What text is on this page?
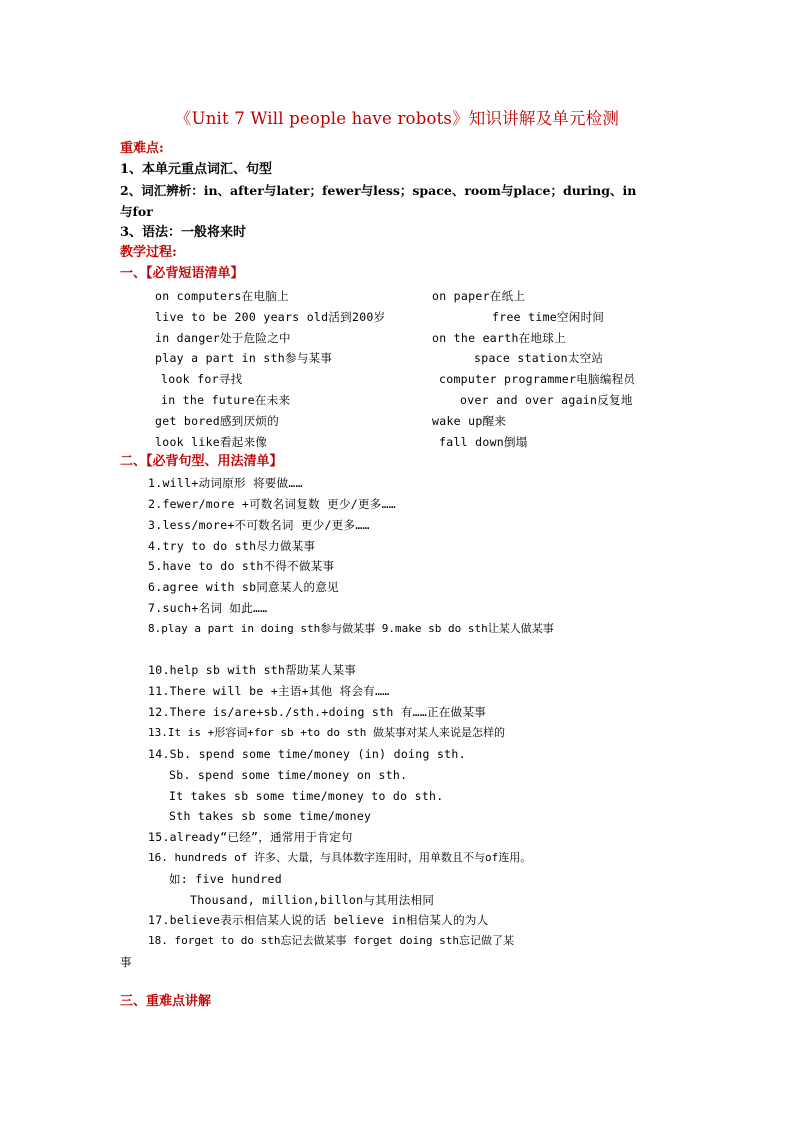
《Unit 7 Will people have robots》知识讲解及单元检测
重难点:
1、本单元重点词汇、句型
2、词汇辨析：in、after与later；fewer与less；space、room与place；during、in
与for
3、语法：一般将来时
教学过程:
一、【必背短语清单】
on computers在电脑上	on paper在纸上
live to be 200 years old活到200岁	free time空闲时间
in danger处于危险之中	on the earth在地球上
play a part in sth参与某事	space station太空站
look for寻找	computer programmer电脑编程员
in the future在未来	over and over again反复地
get bored感到厌烦的	wake up醒来
look like看起来像	fall down倒塌
二、【必背句型、用法清单】
1.will+动词原形 将要做……
2.fewer/more +可数名词复数 更少/更多……
3.less/more+不可数名词 更少/更多……
4.try to do sth尽力做某事
5.have to do sth不得不做某事
6.agree with sb同意某人的意见
7.such+名词 如此……
8.play a part in doing sth参与做某事 9.make sb do sth让某人做某事
10.help sb with sth帮助某人某事
11.There will be +主语+其他 将会有……
12.There is/are+sb./sth.+doing sth 有……正在做某事
13.It is +形容词+for sb +to do sth 做某事对某人来说是怎样的
14.Sb. spend some time/money (in) doing sth.
Sb. spend some time/money on sth.
It takes sb some time/money to do sth.
Sth takes sb some time/money
15.already“已经”，通常用于肯定句
16. hundreds of 许多、大量，与具体数字连用时，用单数且不与of连用。
如: five hundred
Thousand, million,billon与其用法相同
17.believe表示相信某人说的话 believe in相信某人的为人
18. forget to do sth忘记去做某事 forget doing sth忘记做了某
事
三、重难点讲解
